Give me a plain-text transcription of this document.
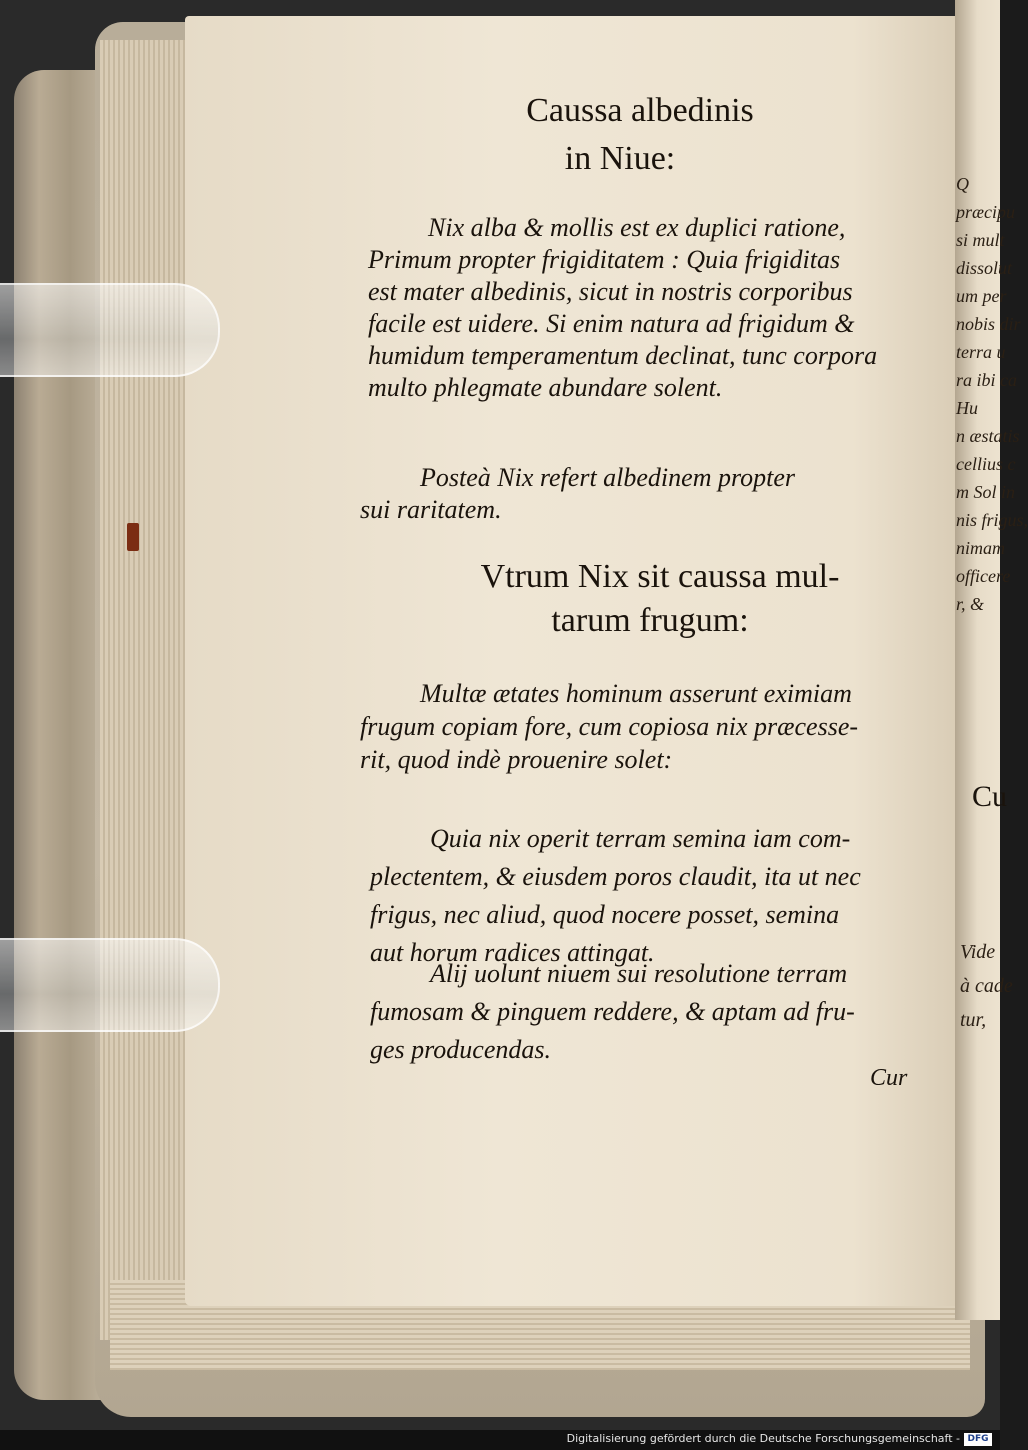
Caussa albedinis
in Niue:
Nix alba & mollis est ex duplici ratione,
Primum propter frigiditatem : Quia frigiditas
est mater albedinis, sicut in nostris corporibus
facile est uidere. Si enim natura ad frigidum &
humidum temperamentum declinat, tunc corpora
multo phlegmate abundare solent.
Posteà Nix refert albedinem propter
sui raritatem.
Vtrum Nix sit caussa mul-
tarum frugum:
Multæ ætates hominum asserunt eximiam
frugum copiam fore, cum copiosa nix præcesse-
rit, quod indè prouenire solet:
Quia nix operit terram semina iam com-
plectentem, & eiusdem poros claudit, ita ut nec
frigus, nec aliud, quod nocere posset, semina
aut horum radices attingat.
Alij uolunt niuem sui resolutione terram
fumosam & pinguem reddere, & aptam ad fru-
ges producendas.
Cur
Q
præcipu
si mult
dissolut
um per
nobis dir
terra u
ra ibi ca
Hu
n æstatis
cellius c
m Sol in
nis frigus,
nimam
officere
r, &
Cu
Vide
à cade
tur,
Digitalisierung gefördert durch die Deutsche Forschungsgemeinschaft - DFG
